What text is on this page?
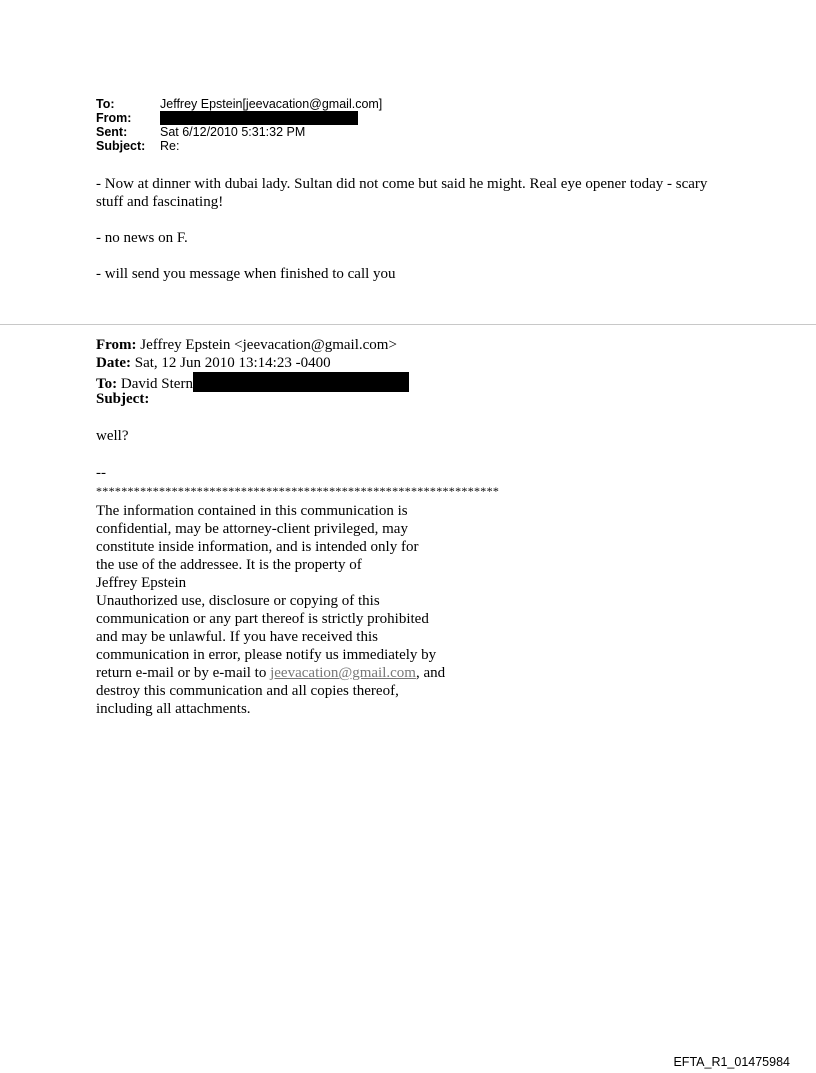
To:	Jeffrey Epstein[jeevacation@gmail.com]
From:
Sent:	Sat 6/12/2010 5:31:32 PM
Subject:	Re:

- Now at dinner with dubai lady. Sultan did not come but said he might. Real eye opener today - scary stuff and fascinating!

- no news on F.

- will send you message when finished to call you

From: Jeffrey Epstein <jeevacation@gmail.com>
Date: Sat, 12 Jun 2010 13:14:23 -0400
To: David Stern
Subject:
well?
--
****************************************************************
The information contained in this communication is
confidential, may be attorney-client privileged, may
constitute inside information, and is intended only for
the use of the addressee. It is the property of
Jeffrey Epstein
Unauthorized use, disclosure or copying of this
communication or any part thereof is strictly prohibited
and may be unlawful. If you have received this
communication in error, please notify us immediately by
return e-mail or by e-mail to jeevacation@gmail.com, and
destroy this communication and all copies thereof,
including all attachments.
EFTA_R1_01475984
